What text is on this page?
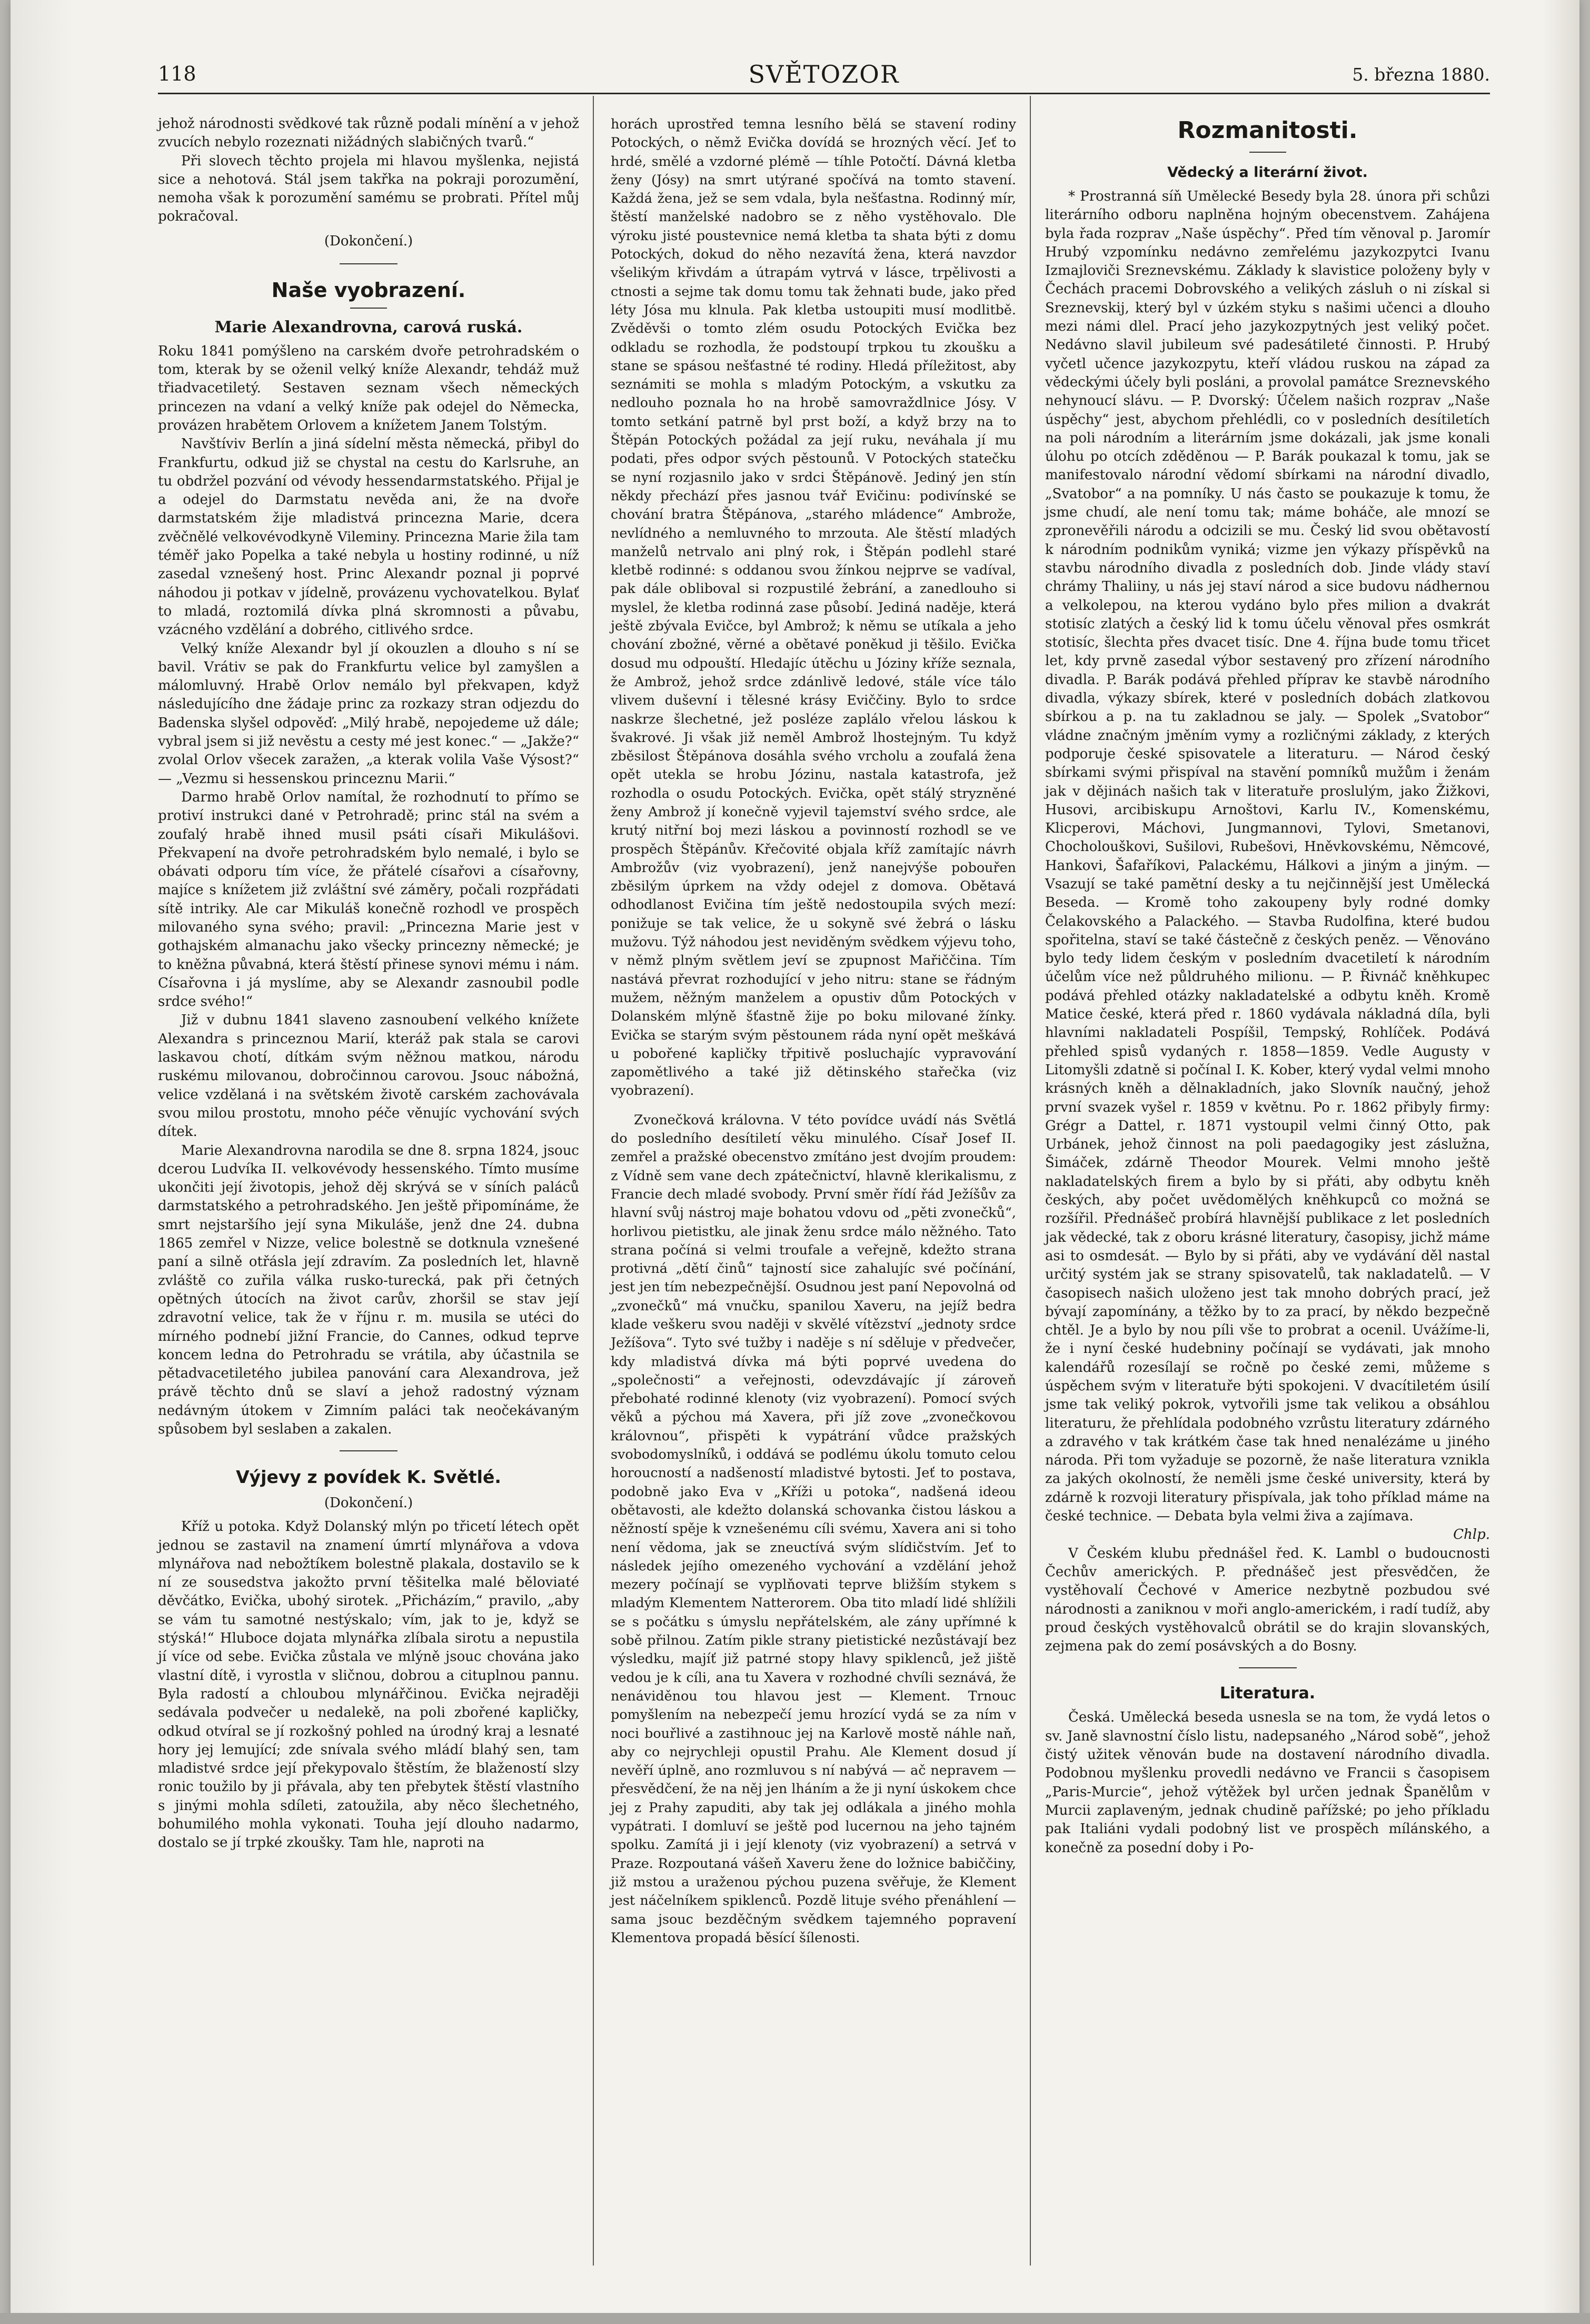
118	SVĚTOZOR	5. března 1880.

jehož národnosti svědkové tak různě podali mínění a v jehož zvucích nebylo rozeznati nižádných slabičných tvarů.“

Při slovech těchto projela mi hlavou myšlenka, nejistá sice a nehotová. Stál jsem takřka na pokraji porozumění, nemoha však k porozumění samému se probrati. Přítel můj pokračoval.

(Dokončení.)
Naše vyobrazení.
Marie Alexandrovna, carová ruská.

Roku 1841 pomýšleno na carském dvoře petrohradském o tom, kterak by se oženil velký kníže Alexandr, tehdáž muž třiadvacetiletý. Sestaven seznam všech německých princezen na vdaní a velký kníže pak odejel do Německa, provázen hrabětem Orlovem a knížetem Janem Tolstým.

Navštíviv Berlín a jiná sídelní města německá, přibyl do Frankfurtu, odkud již se chystal na cestu do Karlsruhe, an tu obdržel pozvání od vévody hessendarmstatského. Přijal je a odejel do Darmstatu nevěda ani, že na dvoře darmstatském žije mladistvá princezna Marie, dcera zvěčnělé velkovévodkyně Vileminy. Princezna Marie žila tam téměř jako Popelka a také nebyla u hostiny rodinné, u níž zasedal vznešený host. Princ Alexandr poznal ji poprvé náhodou ji potkav v jídelně, provázenu vychovatelkou. Bylať to mladá, roztomilá dívka plná skromnosti a půvabu, vzácného vzdělání a dobrého, citlivého srdce.

Velký kníže Alexandr byl jí okouzlen a dlouho s ní se bavil. Vrátiv se pak do Frankfurtu velice byl zamyšlen a málomluvný. Hrabě Orlov nemálo byl překvapen, když následujícího dne žádaje princ za rozkazy stran odjezdu do Badenska slyšel odpověď: „Milý hrabě, nepojedeme už dále; vybral jsem si již nevěstu a cesty mé jest konec.“ — „Jakže?“ zvolal Orlov všecek zaražen, „a kterak volila Vaše Výsost?“ — „Vezmu si hessenskou princeznu Marii.“

Darmo hrabě Orlov namítal, že rozhodnutí to přímo se protiví instrukci dané v Petrohradě; princ stál na svém a zoufalý hrabě ihned musil psáti císaři Mikulášovi. Překvapení na dvoře petrohradském bylo nemalé, i bylo se obávati odporu tím více, že přátelé císařovi a císařovny, majíce s knížetem již zvláštní své záměry, počali rozpřádati sítě intriky. Ale car Mikuláš konečně rozhodl ve prospěch milovaného syna svého; pravil: „Princezna Marie jest v gothajském almanachu jako všecky princezny německé; je to kněžna půvabná, která štěstí přinese synovi mému i nám. Císařovna i já myslíme, aby se Alexandr zasnoubil podle srdce svého!“

Již v dubnu 1841 slaveno zasnoubení velkého knížete Alexandra s princeznou Marií, kteráž pak stala se carovi laskavou chotí, dítkám svým něžnou matkou, národu ruskému milovanou, dobročinnou carovou. Jsouc nábožná, velice vzdělaná i na světském životě carském zachovávala svou milou prostotu, mnoho péče věnujíc vychování svých dítek.

Marie Alexandrovna narodila se dne 8. srpna 1824, jsouc dcerou Ludvíka II. velkovévody hessenského. Tímto musíme ukončiti její životopis, jehož děj skrývá se v síních paláců darmstatského a petrohradského. Jen ještě připomínáme, že smrt nejstaršího její syna Mikuláše, jenž dne 24. dubna 1865 zemřel v Nizze, velice bolestně se dotknula vznešené paní a silně otřásla její zdravím. Za posledních let, hlavně zvláště co zuřila válka rusko-turecká, pak při četných opětných útocích na život carův, zhoršil se stav její zdravotní velice, tak že v říjnu r. m. musila se utéci do mírného podnebí jižní Francie, do Cannes, odkud teprve koncem ledna do Petrohradu se vrátila, aby účastnila se pětadvacetiletého jubilea panování cara Alexandrova, jež právě těchto dnů se slaví a jehož radostný význam nedávným útokem v Zimním paláci tak neočekávaným spůsobem byl seslaben a zakalen.

Výjevy z povídek K. Světlé.
(Dokončení.)

Kříž u potoka. Když Dolanský mlýn po třicetí létech opět jednou se zastavil na znamení úmrtí mlynářova a vdova mlynářova nad nebožtíkem bolestně plakala, dostavilo se k ní ze sousedstva jakožto první těšitelka malé běloviaté děvčátko, Evička, ubohý sirotek. „Přicházím,“ pravilo, „aby se vám tu samotné nestýskalo; vím, jak to je, když se stýská!“ Hluboce dojata mlynářka zlíbala sirotu a nepustila jí více od sebe. Evička zůstala ve mlýně jsouc chována jako vlastní dítě, i vyrostla v sličnou, dobrou a cituplnou pannu. Byla radostí a chloubou mlynářčinou. Evička nejraději sedávala podvečer u nedalekě, na poli zbořené kapličky, odkud otvíral se jí rozkošný pohled na úrodný kraj a lesnaté hory jej lemující; zde snívala svého mládí blahý sen, tam mladistvé srdce její překypovalo štěstím, že blažeností slzy ronic toužilo by ji přávala, aby ten přebytek štěstí vlastního s jinými mohla sdíleti, zatoužila, aby něco šlechetného, bohumilého mohla vykonati. Touha její dlouho nadarmo, dostalo se jí trpké zkoušky. Tam hle, naproti na

horách uprostřed temna lesního bělá se stavení rodiny Potockých, o němž Evička dovídá se hrozných věcí. Jeť to hrdé, smělé a vzdorné plémě — tíhle Potočtí. Dávná kletba ženy (Jósy) na smrt utýrané spočívá na tomto stavení. Každá žena, jež se sem vdala, byla nešťastna. Rodinný mír, štěstí manželské nadobro se z něho vystěhovalo. Dle výroku jisté poustevnice nemá kletba ta shata býti z domu Potockých, dokud do něho nezavítá žena, která navzdor všelikým křivdám a útrapám vytrvá v lásce, trpělivosti a ctnosti a sejme tak domu tomu tak žehnati bude, jako před léty Jósa mu klnula. Pak kletba ustoupiti musí modlitbě. Zvěděvši o tomto zlém osudu Potockých Evička bez odkladu se rozhodla, že podstoupí trpkou tu zkoušku a stane se spásou nešťastné té rodiny. Hledá příležitost, aby seznámiti se mohla s mladým Potockým, a vskutku za nedlouho poznala ho na hrobě samovraždlnice Jósy. V tomto setkání patrně byl prst boží, a když brzy na to Štěpán Potockých požádal za její ruku, neváhala jí mu podati, přes odpor svých pěstounů. V Potockých statečku se nyní rozjasnilo jako v srdci Štěpánově. Jediný jen stín někdy přechází přes jasnou tvář Evičinu: podivínské se chování bratra Štěpánova, „starého mládence“ Ambrože, nevlídného a nemluvného to mrzouta. Ale štěstí mladých manželů netrvalo ani plný rok, i Štěpán podlehl staré kletbě rodinné: s oddanou svou žínkou nejprve se vadíval, pak dále obliboval si rozpustilé žebrání, a zanedlouho si myslel, že kletba rodinná zase působí. Jediná naděje, která ještě zbývala Evičce, byl Ambrož; k němu se utíkala a jeho chování zbožné, věrné a obětavé poněkud ji těšilo. Evička dosud mu odpouští. Hledajíc útěchu u Józiny kříže seznala, že Ambrož, jehož srdce zdánlivě ledové, stále více tálo vlivem duševní i tělesné krásy Eviččiny. Bylo to srdce naskrze šlechetné, jež posléze zaplálo vřelou láskou k švakrové. Ji však již neměl Ambrož lhostejným. Tu když zběsilost Štěpánova dosáhla svého vrcholu a zoufalá žena opět utekla se hrobu Józinu, nastala katastrofa, jež rozhodla o osudu Potockých. Evička, opět stálý stryzněné ženy Ambrož jí konečně vyjevil tajemství svého srdce, ale krutý nitřní boj mezi láskou a povinností rozhodl se ve prospěch Štěpánův. Křečovité objala kříž zamítajíc návrh Ambrožův (viz vyobrazení), jenž nanejvýše pobouřen zběsilým úprkem na vždy odejel z domova. Obětavá odhodlanost Evičina tím ještě nedostoupila svých mezí: ponižuje se tak velice, že u sokyně své žebrá o lásku mužovu. Týž náhodou jest neviděným svědkem výjevu toho, v němž plným světlem jeví se zpupnost Mařiččina. Tím nastává převrat rozhodující v jeho nitru: stane se řádným mužem, něžným manželem a opustiv dům Potockých v Dolanském mlýně šťastně žije po boku milované žínky. Evička se starým svým pěstounem ráda nyní opět meškává u pobořené kapličky třpitivě posluchajíc vypravování zapomětlivého a také již dětinského stařečka (viz vyobrazení).

Zvonečková královna. V této povídce uvádí nás Světlá do posledního desítiletí věku minulého. Císař Josef II. zemřel a pražské obecenstvo zmítáno jest dvojím proudem: z Vídně sem vane dech zpátečnictví, hlavně klerikalismu, z Francie dech mladé svobody. První směr řídí řád Ježíšův za hlavní svůj nástroj maje bohatou vdovu od „pěti zvonečků“, horlivou pietistku, ale jinak ženu srdce málo něžného. Tato strana počíná si velmi troufale a veřejně, kdežto strana protivná „dětí činů“ tajností sice zahalujíc své počínání, jest jen tím nebezpečnější. Osudnou jest paní Nepovolná od „zvonečků“ má vnučku, spanilou Xaveru, na jejíž bedra klade veškeru svou naději v skvělé vítězství „jednoty srdce Ježíšova“. Tyto své tužby i naděje s ní sděluje v předvečer, kdy mladistvá dívka má býti poprvé uvedena do „společnosti“ a veřejnosti, odevzdávajíc jí zároveň přebohaté rodinné klenoty (viz vyobrazení). Pomocí svých věků a pýchou má Xavera, při jíž zove „zvonečkovou královnou“, přispěti k vypátrání vůdce pražských svobodomyslníků, i oddává se podlému úkolu tomuto celou horoucností a nadšeností mladistvé bytosti. Jeť to postava, podobně jako Eva v „Kříži u potoka“, nadšená ideou obětavosti, ale kdežto dolanská schovanka čistou láskou a něžností spěje k vznešenému cíli svému, Xavera ani si toho není vědoma, jak se zneuctívá svým slídičstvím. Jeť to následek jejího omezeného vychování a vzdělání jehož mezery počínají se vyplňovati teprve bližším stykem s mladým Klementem Natterorem. Oba tito mladí lidé shlížili se s počátku s úmyslu nepřátelském, ale zány upřímné k sobě přilnou. Zatím pikle strany pietistické nezůstávají bez výsledku, majíť již patrné stopy hlavy spiklenců, jež jiště vedou je k cíli, ana tu Xavera v rozhodné chvíli seznává, že nenáviděnou tou hlavou jest — Klement. Trnouc pomyšlením na nebezpečí jemu hrozící vydá se za ním v noci bouřlivé a zastihnouc jej na Karlově mostě náhle naň, aby co nejrychleji opustil Prahu. Ale Klement dosud jí nevěří úplně, ano rozmluvou s ní nabývá — ač nepravem — přesvědčení, že na něj jen lháním a že ji nyní úskokem chce jej z Prahy zapuditi, aby tak jej odlákala a jiného mohla vypátrati. I domluví se ještě pod lucernou na jeho tajném spolku. Zamítá ji i její klenoty (viz vyobrazení) a setrvá v Praze. Rozpoutaná vášeň Xaveru žene do ložnice babiččiny, již mstou a uraženou pýchou puzena svěřuje, že Klement jest náčelníkem spiklenců. Pozdě lituje svého přenáhlení — sama jsouc bezděčným svědkem tajemného popravení Klementova propadá běsící šílenosti.

Rozmanitosti.
Vědecký a literární život.

* Prostranná síň Umělecké Besedy byla 28. února při schůzi literárního odboru naplněna hojným obecenstvem. Zahájena byla řada rozprav „Naše úspěchy“. Před tím věnoval p. Jaromír Hrubý vzpomínku nedávno zemřelému jazykozpytci Ivanu Izmajloviči Sreznevskému. Základy k slavistice položeny byly v Čechách pracemi Dobrovského a velikých zásluh o ni získal si Sreznevskij, který byl v úzkém styku s našimi učenci a dlouho mezi námi dlel. Prací jeho jazykozpytných jest veliký počet. Nedávno slavil jubileum své padesátileté činnosti. P. Hrubý vyčetl učence jazykozpytu, kteří vládou ruskou na západ za vědeckými účely byli posláni, a provolal památce Sreznevského nehynoucí slávu. — P. Dvorský: Účelem našich rozprav „Naše úspěchy“ jest, abychom přehlédli, co v posledních desítiletích na poli národním a literárním jsme dokázali, jak jsme konali úlohu po otcích zděděnou — P. Barák poukazal k tomu, jak se manifestovalo národní vědomí sbírkami na národní divadlo, „Svatobor“ a na pomníky. U nás často se poukazuje k tomu, že jsme chudí, ale není tomu tak; máme boháče, ale mnozí se zpronevěřili národu a odcizili se mu. Český lid svou obětavostí k národním podnikům vyniká; vizme jen výkazy příspěvků na stavbu národního divadla z posledních dob. Jinde vlády staví chrámy Thaliiny, u nás jej staví národ a sice budovu nádhernou a velkolepou, na kterou vydáno bylo přes milion a dvakrát stotisíc zlatých a český lid k tomu účelu věnoval přes osmkrát stotisíc, šlechta přes dvacet tisíc. Dne 4. října bude tomu třicet let, kdy prvně zasedal výbor sestavený pro zřízení národního divadla. P. Barák podává přehled příprav ke stavbě národního divadla, výkazy sbírek, které v posledních dobách zlatkovou sbírkou a p. na tu zakladnou se jaly. — Spolek „Svatobor“ vládne značným jměním vymy a rozličnými základy, z kterých podporuje české spisovatele a literaturu. — Národ český sbírkami svými přispíval na stavění pomníků mužům i ženám jak v dějinách našich tak v literatuře proslulým, jako Žižkovi, Husovi, arcibiskupu Arnoštovi, Karlu IV., Komenskému, Klicperovi, Máchovi, Jungmannovi, Tylovi, Smetanovi, Chocholouškovi, Sušilovi, Rubešovi, Hněvkovskému, Němcové, Hankovi, Šafaříkovi, Palackému, Hálkovi a jiným a jiným. — Vsazují se také pamětní desky a tu nejčinnější jest Umělecká Beseda. — Kromě toho zakoupeny byly rodné domky Čelakovského a Palackého. — Stavba Rudolfina, které budou spořitelna, staví se také částečně z českých peněz. — Věnováno bylo tedy lidem českým v posledním dvacetiletí k národním účelům více než půldruhého milionu. — P. Řivnáč kněhkupec podává přehled otázky nakladatelské a odbytu kněh. Kromě Matice české, která před r. 1860 vydávala nákladná díla, byli hlavními nakladateli Pospíšil, Tempský, Rohlíček. Podává přehled spisů vydaných r. 1858—1859. Vedle Augusty v Litomyšli zdatně si počínal I. K. Kober, který vydal velmi mnoho krásných kněh a dělnakladních, jako Slovník naučný, jehož první svazek vyšel r. 1859 v květnu. Po r. 1862 přibyly firmy: Grégr a Dattel, r. 1871 vystoupil velmi činný Otto, pak Urbánek, jehož činnost na poli paedagogiky jest záslužna, Šimáček, zdárně Theodor Mourek. Velmi mnoho ještě nakladatelských firem a bylo by si přáti, aby odbytu kněh českých, aby počet uvědomělých kněhkupců co možná se rozšířil. Přednášeč probírá hlavnější publikace z let posledních jak vědecké, tak z oboru krásné literatury, časopisy, jichž máme asi to osmdesát. — Bylo by si přáti, aby ve vydávání děl nastal určitý systém jak se strany spisovatelů, tak nakladatelů. — V časopisech našich uloženo jest tak mnoho dobrých prací, jež bývají zapomínány, a těžko by to za prací, by někdo bezpečně chtěl. Je a bylo by nou píli vše to probrat a ocenil. Uvážíme-li, že i nyní české hudebniny počínají se vydávati, jak mnoho kalendářů rozesílají se ročně po české zemi, můžeme s úspěchem svým v literatuře býti spokojeni. V dvacítiletém úsilí jsme tak veliký pokrok, vytvořili jsme tak velikou a obsáhlou literaturu, že přehlídala podobného vzrůstu literatury zdárného a zdravého v tak krátkém čase tak hned nenalézáme u jiného národa. Při tom vyžaduje se pozorně, že naše literatura vznikla za jakých okolností, že neměli jsme české university, která by zdárně k rozvoji literatury přispívala, jak toho příklad máme na české technice. — Debata byla velmi živa a zajímava.

Chlp.

V Českém klubu přednášel řed. K. Lambl o budoucnosti Čechův amerických. P. přednášeč jest přesvědčen, že vystěhovalí Čechové v Americe nezbytně pozbudou své národnosti a zaniknou v moři anglo-americkém, i radí tudíž, aby proud českých vystěhovalců obrátil se do krajin slovanských, zejmena pak do zemí posávských a do Bosny.

Literatura.

Česká. Umělecká beseda usnesla se na tom, že vydá letos o sv. Janě slavnostní číslo listu, nadepsaného „Národ sobě“, jehož čistý užitek věnován bude na dostavení národního divadla. Podobnou myšlenku provedli nedávno ve Francii s časopisem „Paris-Murcie“, jehož výtěžek byl určen jednak Španělům v Murcii zaplaveným, jednak chudině pařížské; po jeho příkladu pak Italiáni vydali podobný list ve prospěch mílánského, a konečně za posední doby i Po-
